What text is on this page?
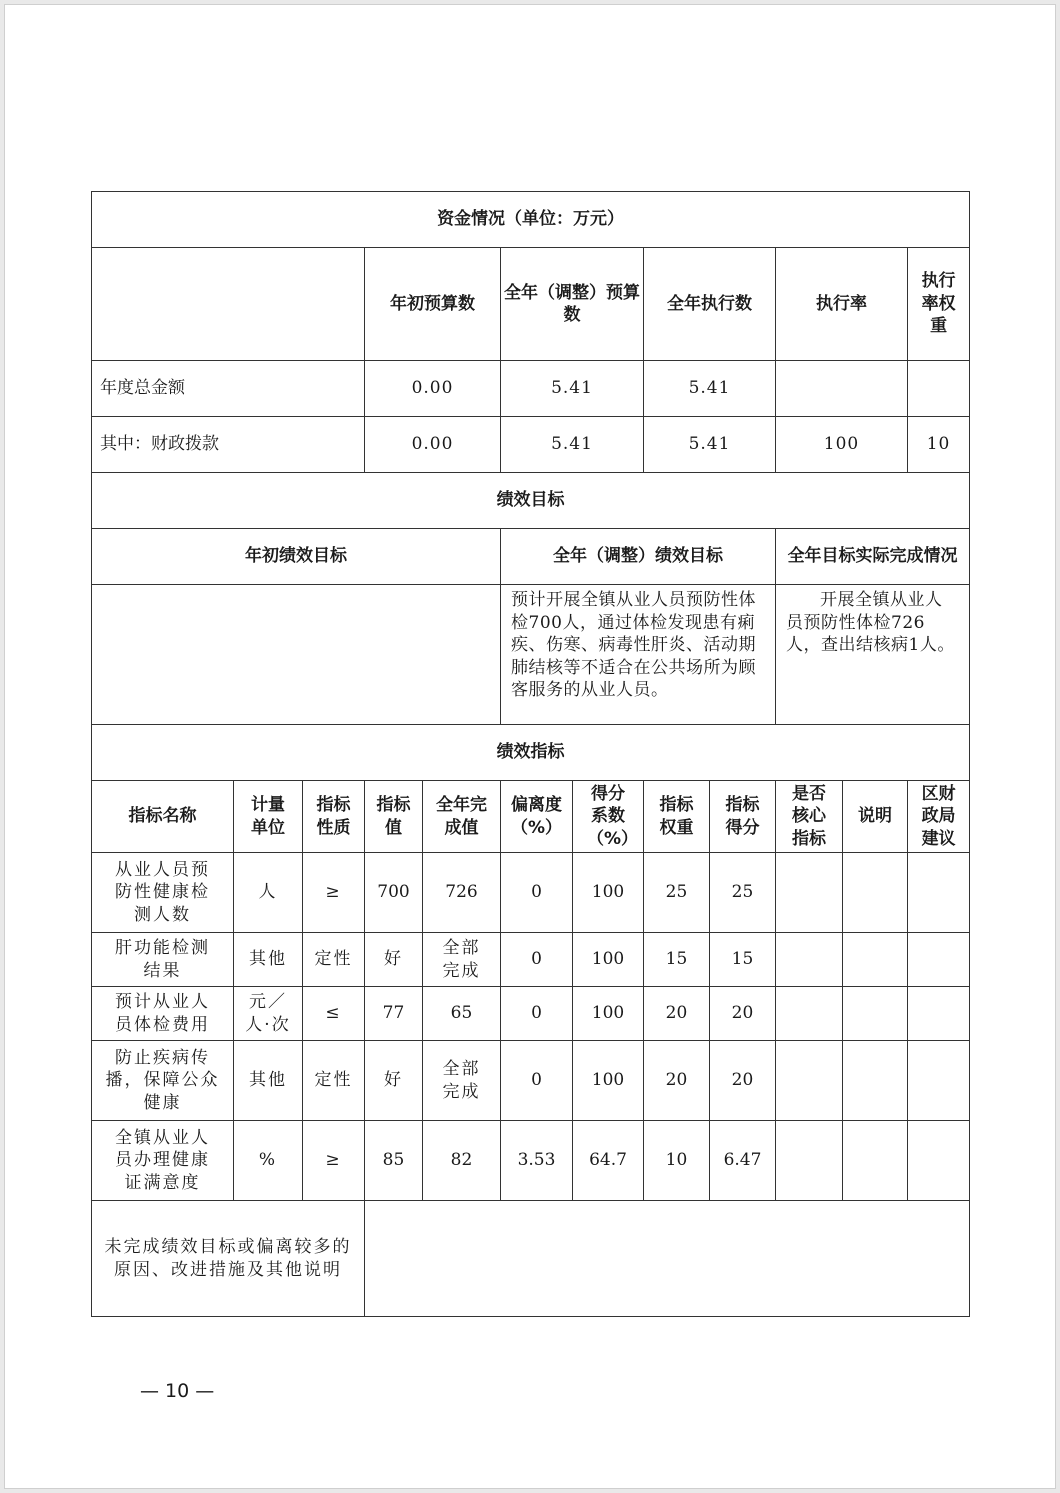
资金情况（单位：万元）												
			年初预算数		全年（调整）预算数		全年执行数		执行率		执行率权重	
年度总金额			0.00		5.41		5.41					
其中：财政拨款			0.00		5.41		5.41		100		10	
绩效目标												
年初绩效目标					全年（调整）绩效目标				全年目标实际完成情况			
					预计开展全镇从业人员预防性体检700人，通过体检发现患有痢疾、伤寒、病毒性肝炎、活动期肺结核等不适合在公共场所为顾客服务的从业人员。				开展全镇从业人员预防性体检726人，查出结核病1人。			
绩效指标												
指标名称	计量单位	指标性质	指标值	全年完成值	偏离度（%）	得分系数（%）	指标权重	指标得分	是否核心指标	说明	区财政局建议	
从业人员预防性健康检测人数	人	≥	700	726	0	100	25	25				
肝功能检测结果	其他	定性	好	全部完成	0	100	15	15				
预计从业人员体检费用	元／人·次	≤	77	65	0	100	20	20				
防止疾病传播，保障公众健康	其他	定性	好	全部完成	0	100	20	20				
全镇从业人员办理健康证满意度	%	≥	85	82	3.53	64.7	10	6.47				
未完成绩效目标或偏离较多的原因、改进措施及其他说明												
— 10 —
